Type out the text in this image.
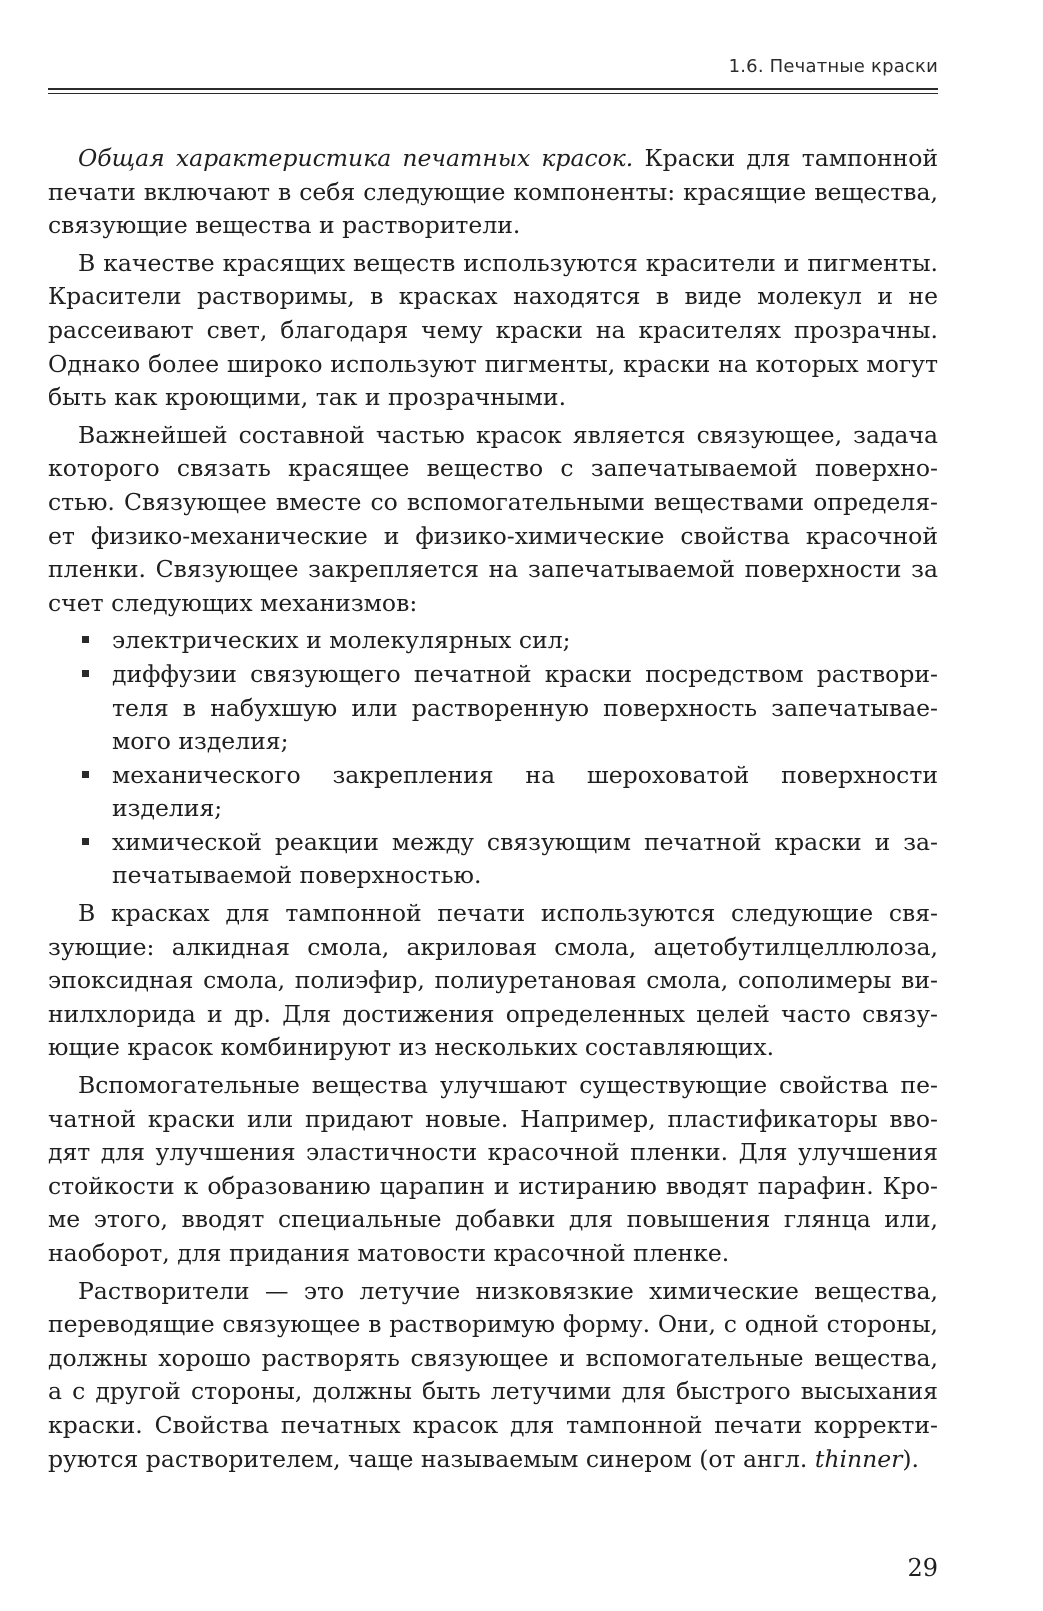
1.6. Печатные краски

Общая характеристика печатных красок. Краски для тампонной печати включают в себя следующие компоненты: красящие вещества, связующие вещества и растворители.

В качестве красящих веществ используются красители и пигменты. Красители растворимы, в красках находятся в виде молекул и не рассеивают свет, благодаря чему краски на красителях прозрачны. Однако более широко используют пигменты, краски на которых могут быть как кроющими, так и прозрачными.

Важнейшей составной частью красок является связующее, задача которого связать красящее вещество с запечатываемой поверхностью. Связующее вместе со вспомогательными веществами определяет физико-механические и физико-химические свойства красочной пленки. Связующее закрепляется на запечатываемой поверхности за счет следующих механизмов:

электрических и молекулярных сил;
диффузии связующего печатной краски посредством растворителя в набухшую или растворенную поверхность запечатываемого изделия;
механического закрепления на шероховатой поверхности изделия;
химической реакции между связующим печатной краски и запечатываемой поверхностью.

В красках для тампонной печати используются следующие связующие: алкидная смола, акриловая смола, ацетобутилцеллюлоза, эпоксидная смола, полиэфир, полиуретановая смола, сополимеры винилхлорида и др. Для достижения определенных целей часто связующие красок комбинируют из нескольких составляющих.

Вспомогательные вещества улучшают существующие свойства печатной краски или придают новые. Например, пластификаторы вводят для улучшения эластичности красочной пленки. Для улучшения стойкости к образованию царапин и истиранию вводят парафин. Кроме этого, вводят специальные добавки для повышения глянца или, наоборот, для придания матовости красочной пленке.

Растворители — это летучие низковязкие химические вещества, переводящие связующее в растворимую форму. Они, с одной стороны, должны хорошо растворять связующее и вспомогательные вещества, а с другой стороны, должны быть летучими для быстрого высыхания краски. Свойства печатных красок для тампонной печати корректируются растворителем, чаще называемым синером (от англ. thinner).

29
